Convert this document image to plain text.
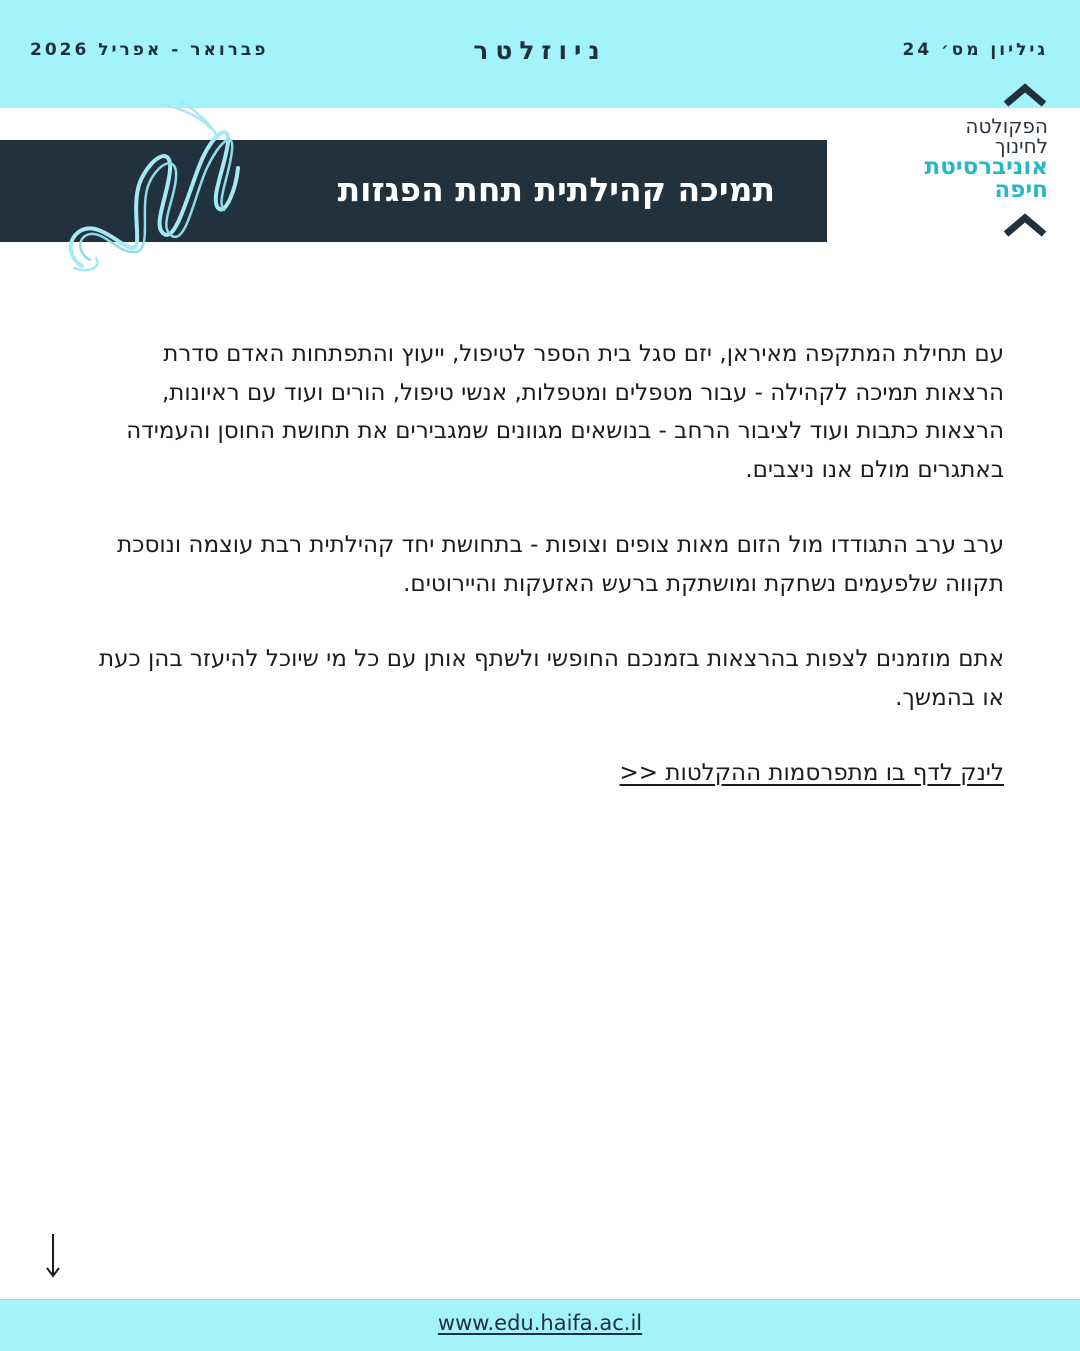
גיליון מס׳ 24
ניוזלטר
פברואר - אפריל 2026
הפקולטה
לחינוך
אוניברסיטת
חיפה
תמיכה קהילתית תחת הפגזות

עם תחילת המתקפה מאיראן, יזם סגל בית הספר לטיפול, ייעוץ והתפתחות האדם סדרת הרצאות תמיכה לקהילה - עבור מטפלים ומטפלות, אנשי טיפול, הורים ועוד עם ראיונות, הרצאות כתבות ועוד לציבור הרחב - בנושאים מגוונים שמגבירים את תחושת החוסן והעמידה באתגרים מולם אנו ניצבים.

ערב ערב התגודדו מול הזום מאות צופים וצופות - בתחושת יחד קהילתית רבת עוצמה ונוסכת תקווה שלפעמים נשחקת ומושתקת ברעש האזעקות והיירוטים.

אתם מוזמנים לצפות בהרצאות בזמנכם החופשי ולשתף אותן עם כל מי שיוכל להיעזר בהן כעת או בהמשך.

לינק לדף בו מתפרסמות ההקלטות <<

www.edu.haifa.ac.il
